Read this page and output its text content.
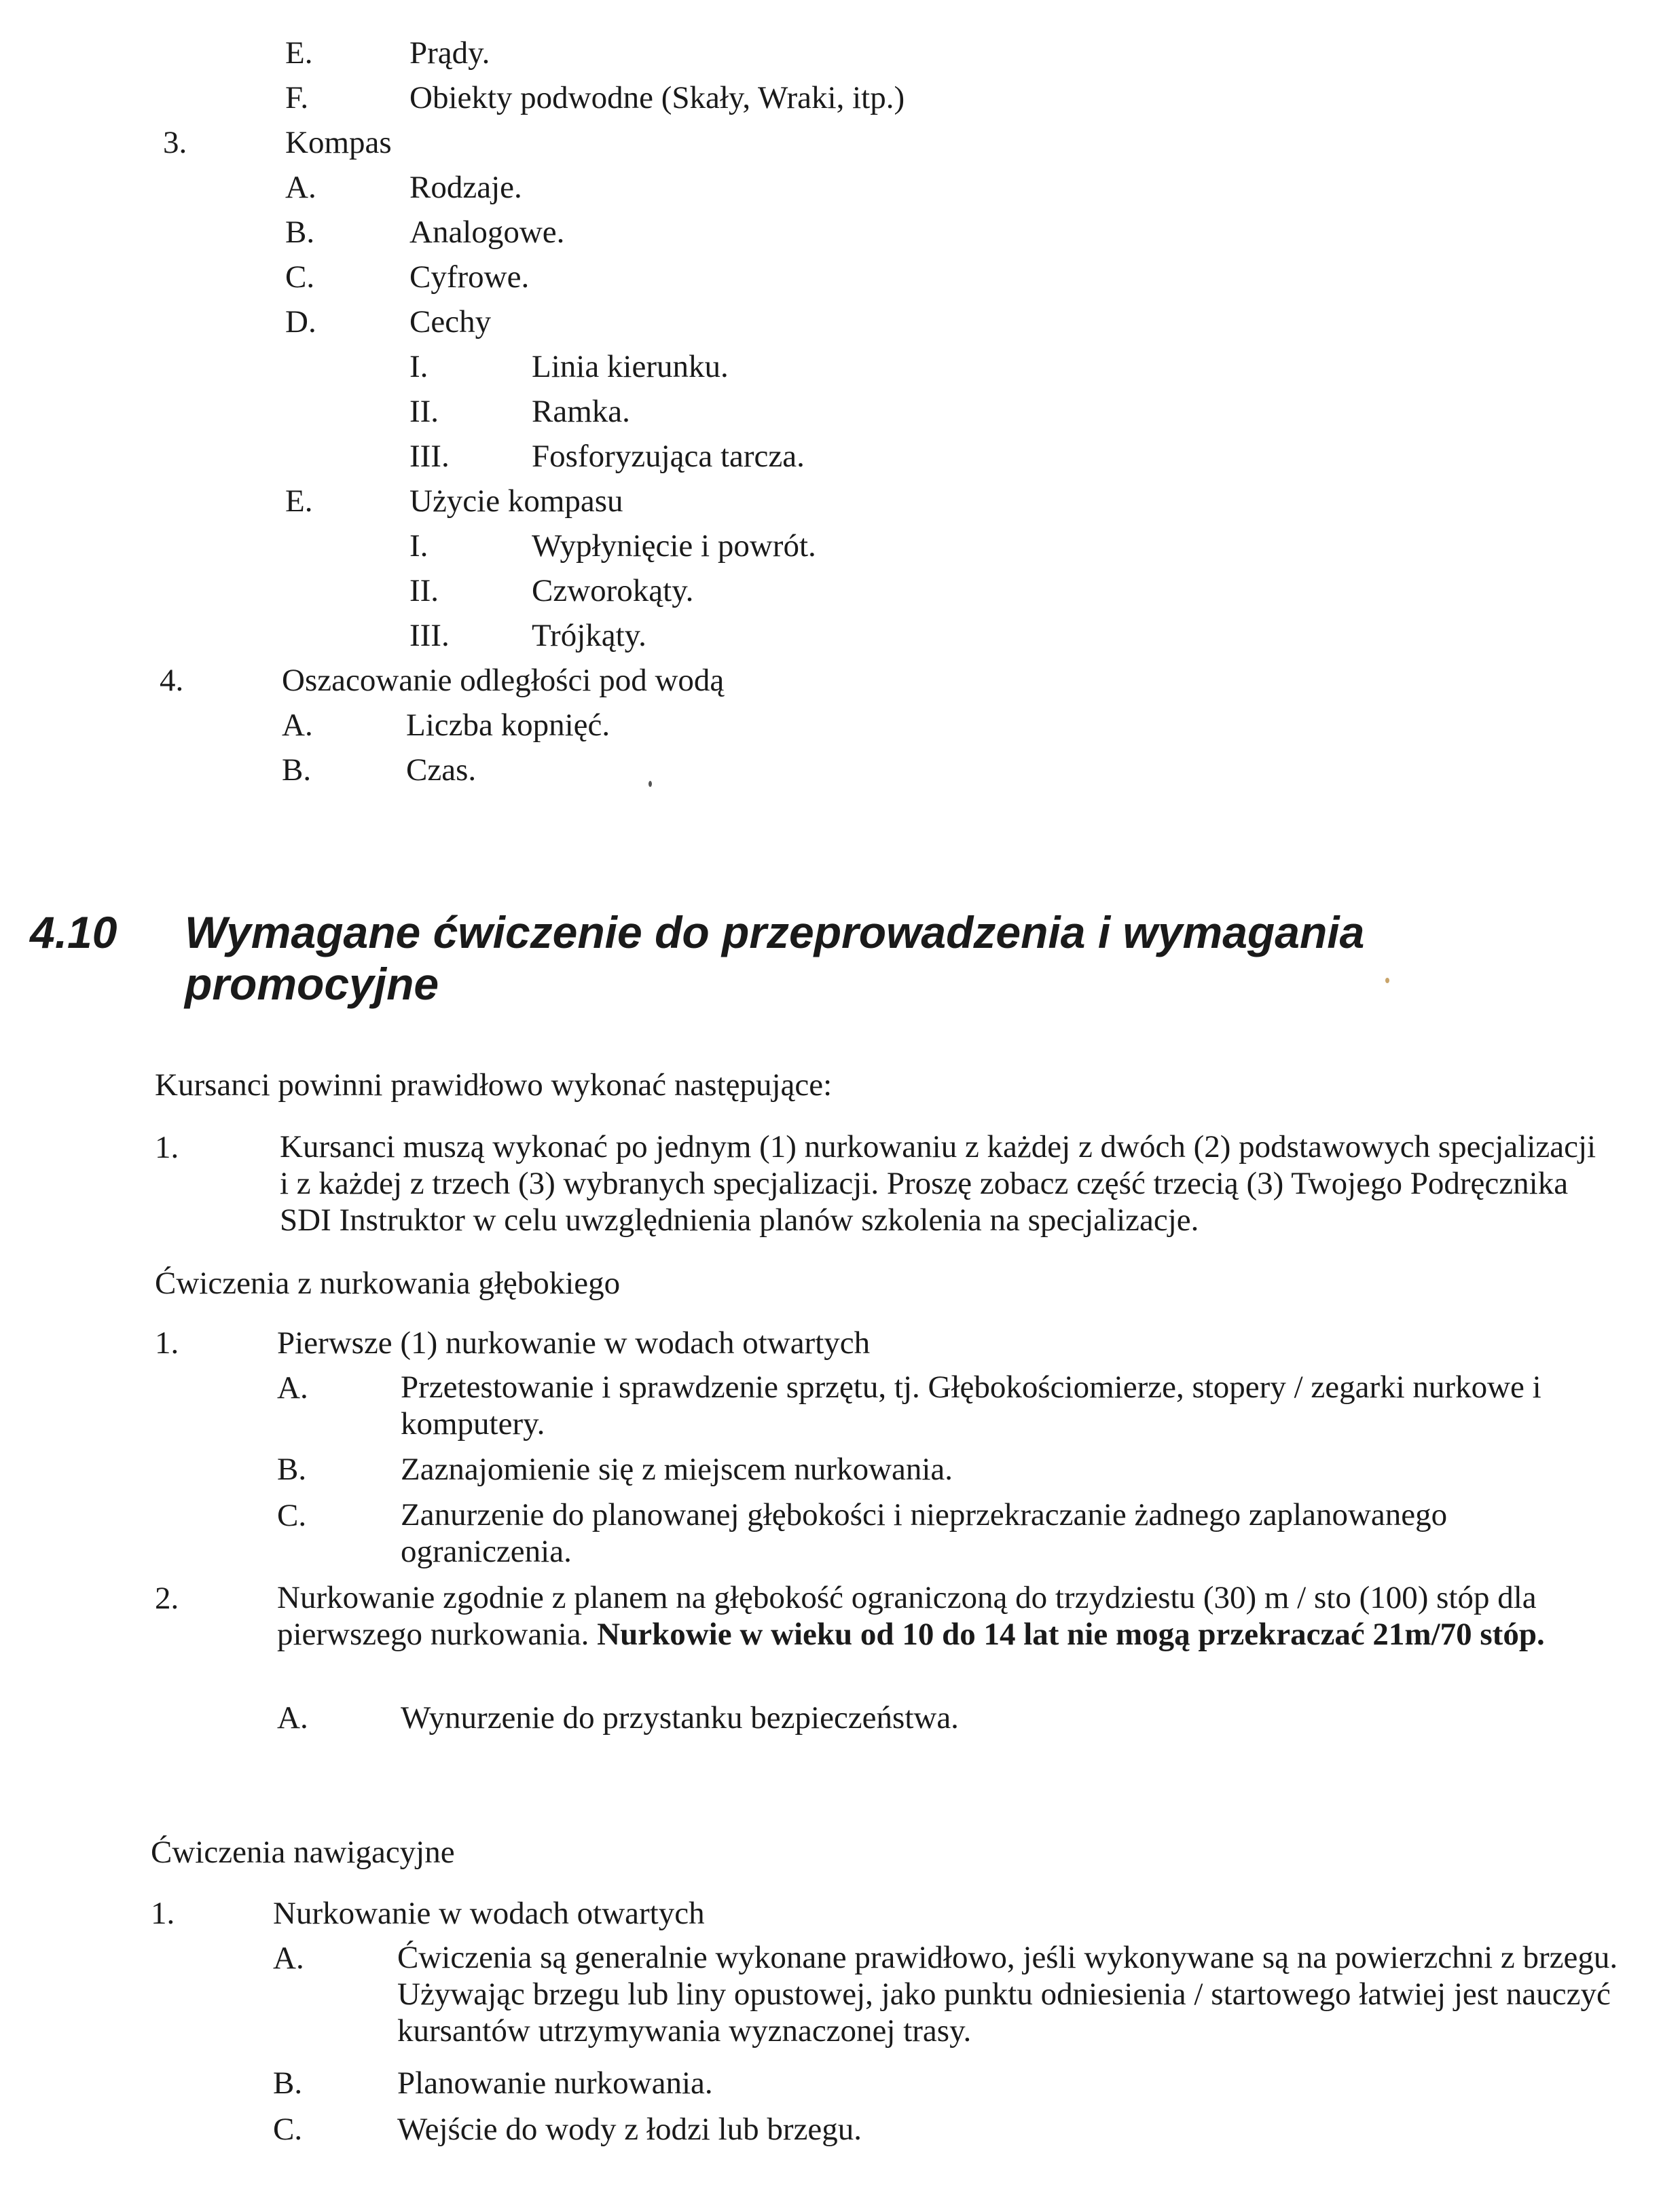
E.	Prądy.
F.	Obiekty podwodne (Skały, Wraki, itp.)
3.	Kompas
A.	Rodzaje.
B.	Analogowe.
C.	Cyfrowe.
D.	Cechy
I.	Linia kierunku.
II.	Ramka.
III.	Fosforyzująca tarcza.
E.	Użycie kompasu
I.	Wypłynięcie i powrót.
II.	Czworokąty.
III.	Trójkąty.
4.	Oszacowanie odległości pod wodą
A.	Liczba kopnięć.
B.	Czas.
4.10 Wymagane ćwiczenie do przeprowadzenia i wymagania promocyjne
Kursanci powinni prawidłowo wykonać następujące:
1.	Kursanci muszą wykonać po jednym (1) nurkowaniu z każdej z dwóch (2) podstawowych specjalizacji i z każdej z trzech (3) wybranych specjalizacji. Proszę zobacz część trzecią (3) Twojego Podręcznika SDI Instruktor w celu uwzględnienia planów szkolenia na specjalizacje.
Ćwiczenia z nurkowania głębokiego
1.	Pierwsze (1) nurkowanie w wodach otwartych
A.	Przetestowanie i sprawdzenie sprzętu, tj. Głębokościomierze, stopery / zegarki nurkowe i komputery.
B.	Zaznajomienie się z miejscem nurkowania.
C.	Zanurzenie do planowanej głębokości i nieprzekraczanie żadnego zaplanowanego ograniczenia.
2.	Nurkowanie zgodnie z planem na głębokość ograniczoną do trzydziestu (30) m / sto (100) stóp dla pierwszego nurkowania. Nurkowie w wieku od 10 do 14 lat nie mogą przekraczać 21m/70 stóp.
A.	Wynurzenie do przystanku bezpieczeństwa.
Ćwiczenia nawigacyjne
1.	Nurkowanie w wodach otwartych
A.	Ćwiczenia są generalnie wykonane prawidłowo, jeśli wykonywane są na powierzchni z brzegu. Używając brzegu lub liny opustowej, jako punktu odniesienia / startowego łatwiej jest nauczyć kursantów utrzymywania wyznaczonej trasy.
B.	Planowanie nurkowania.
C.	Wejście do wody z łodzi lub brzegu.
